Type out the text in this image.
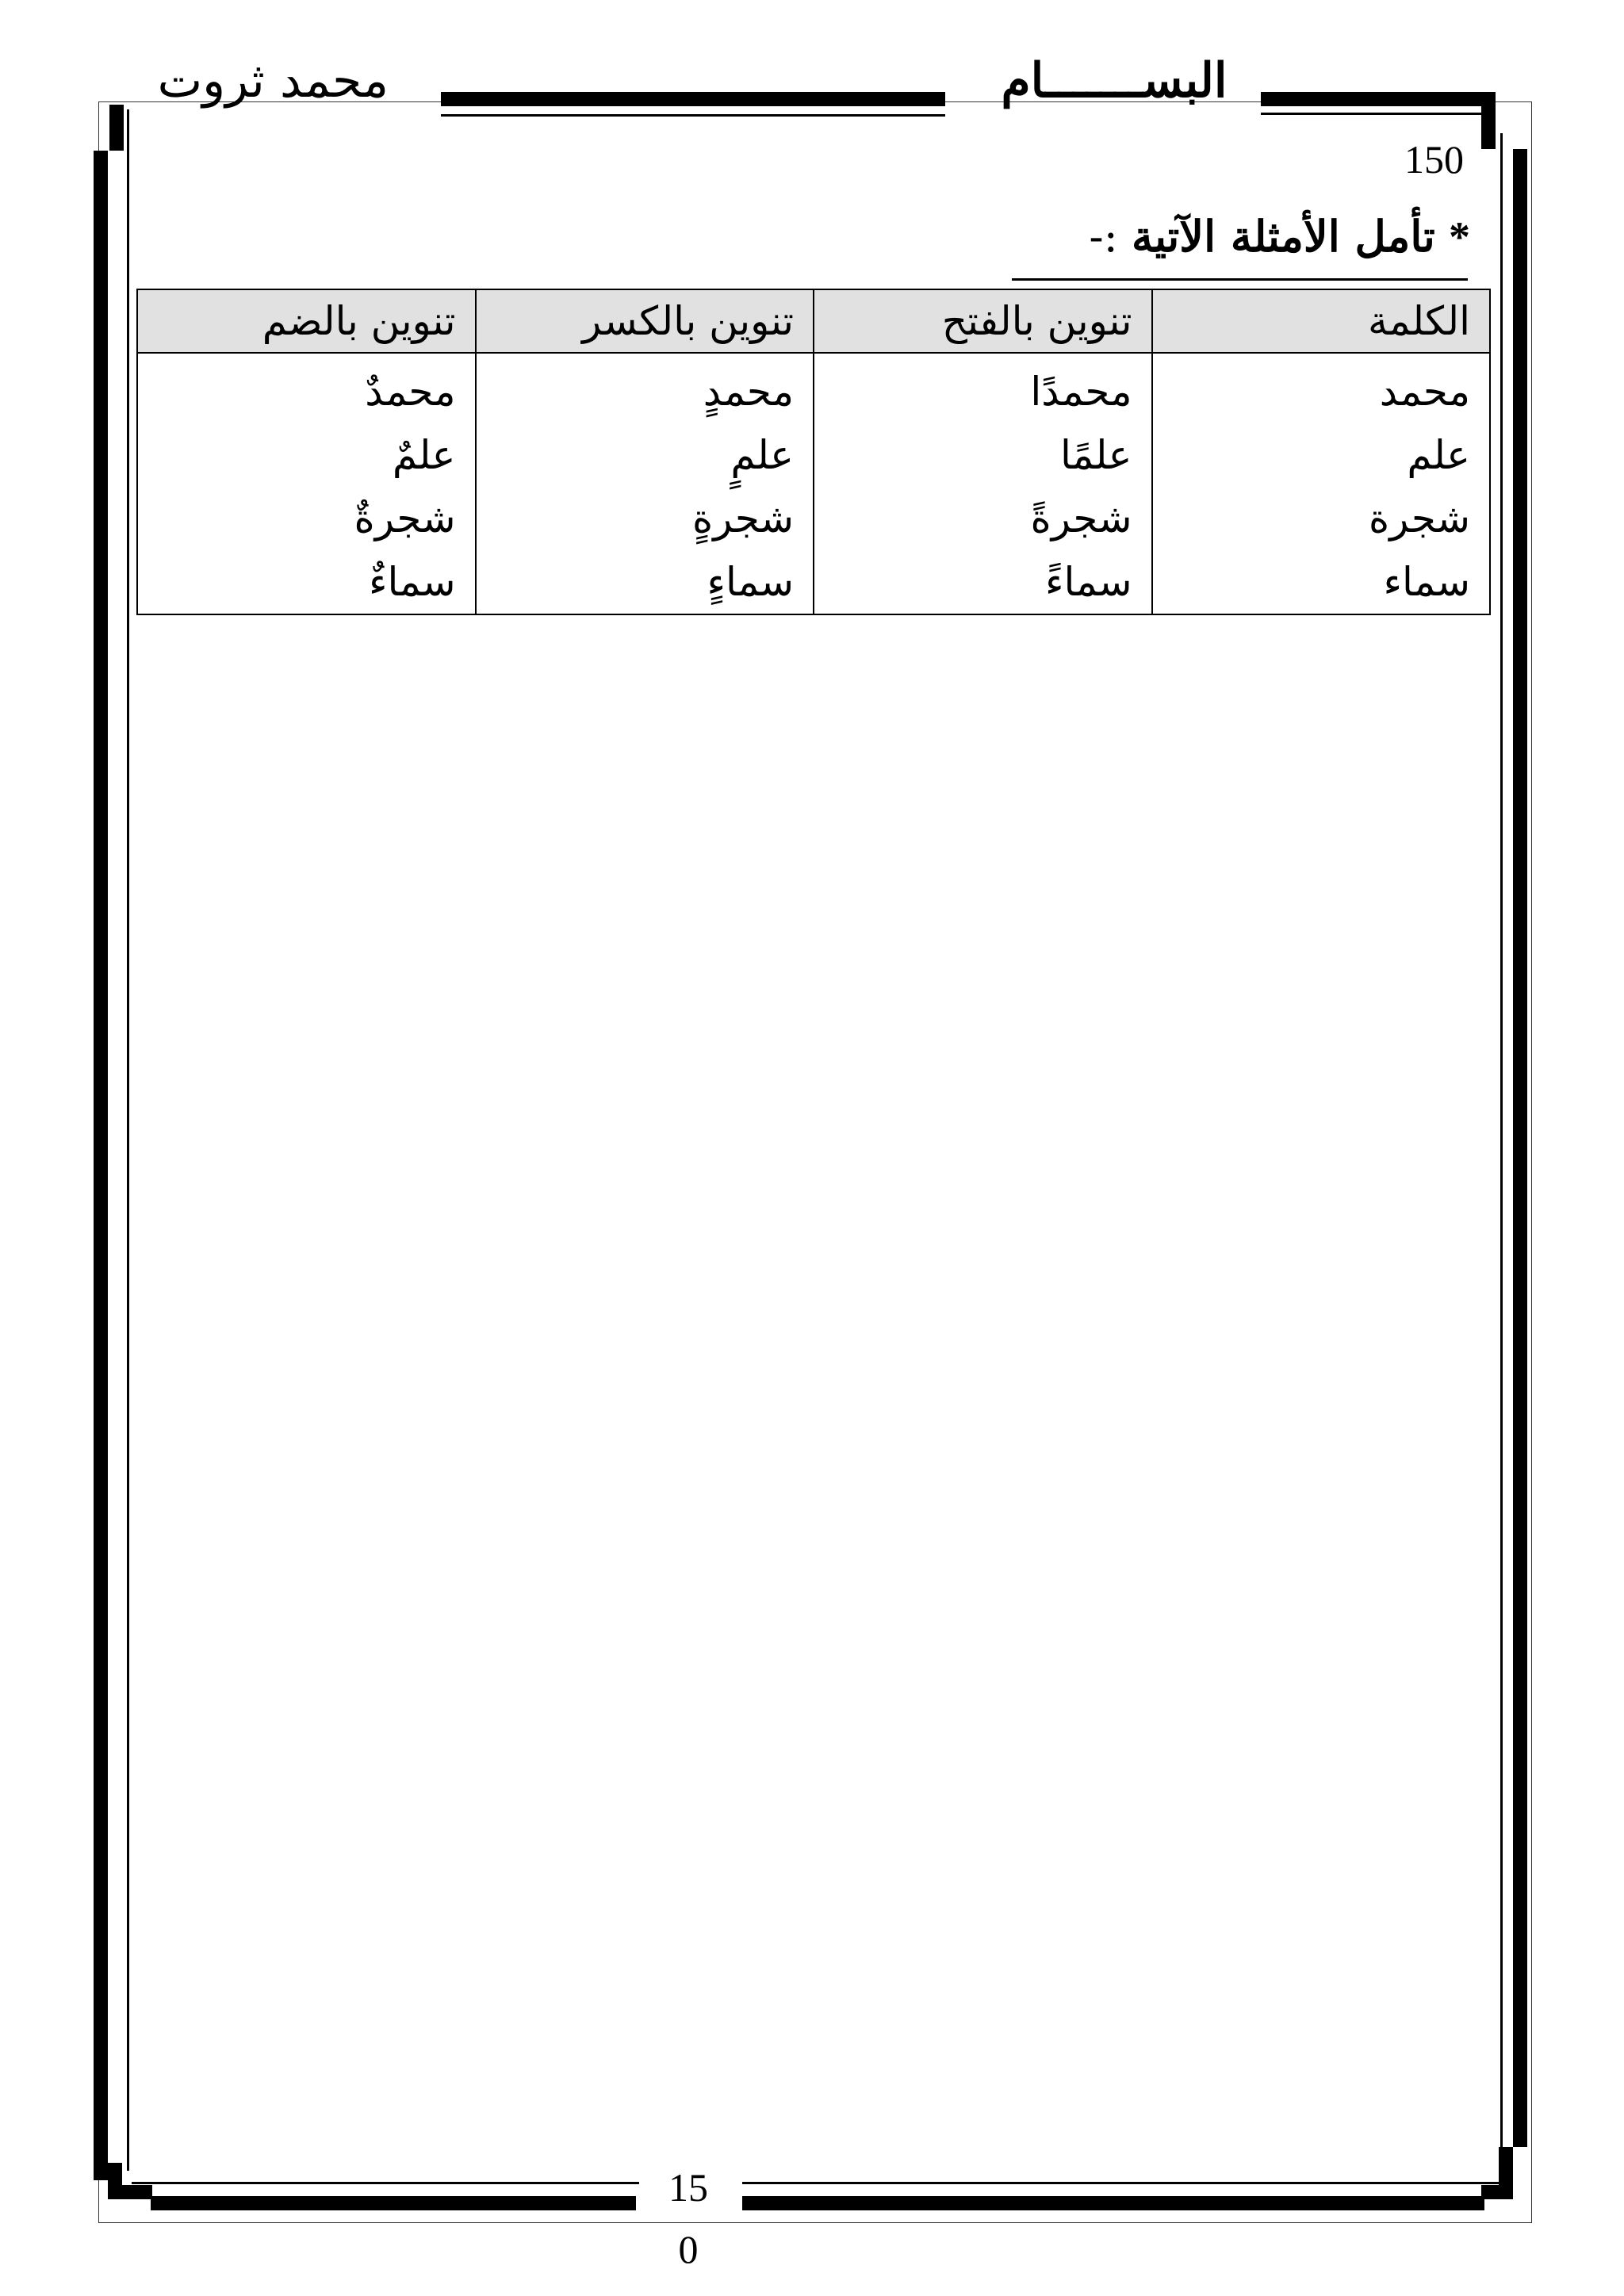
البســـــــام
محمد ثروت
150
* تأمل الأمثلة الآتية :-
الكلمة	تنوين بالفتح	تنوين بالكسر	تنوين بالضم
محمد	محمدًا	محمدٍ	محمدٌ
علم	علمًا	علمٍ	علمٌ
شجرة	شجرةً	شجرةٍ	شجرةٌ
سماء	سماءً	سماءٍ	سماءٌ
15
0
